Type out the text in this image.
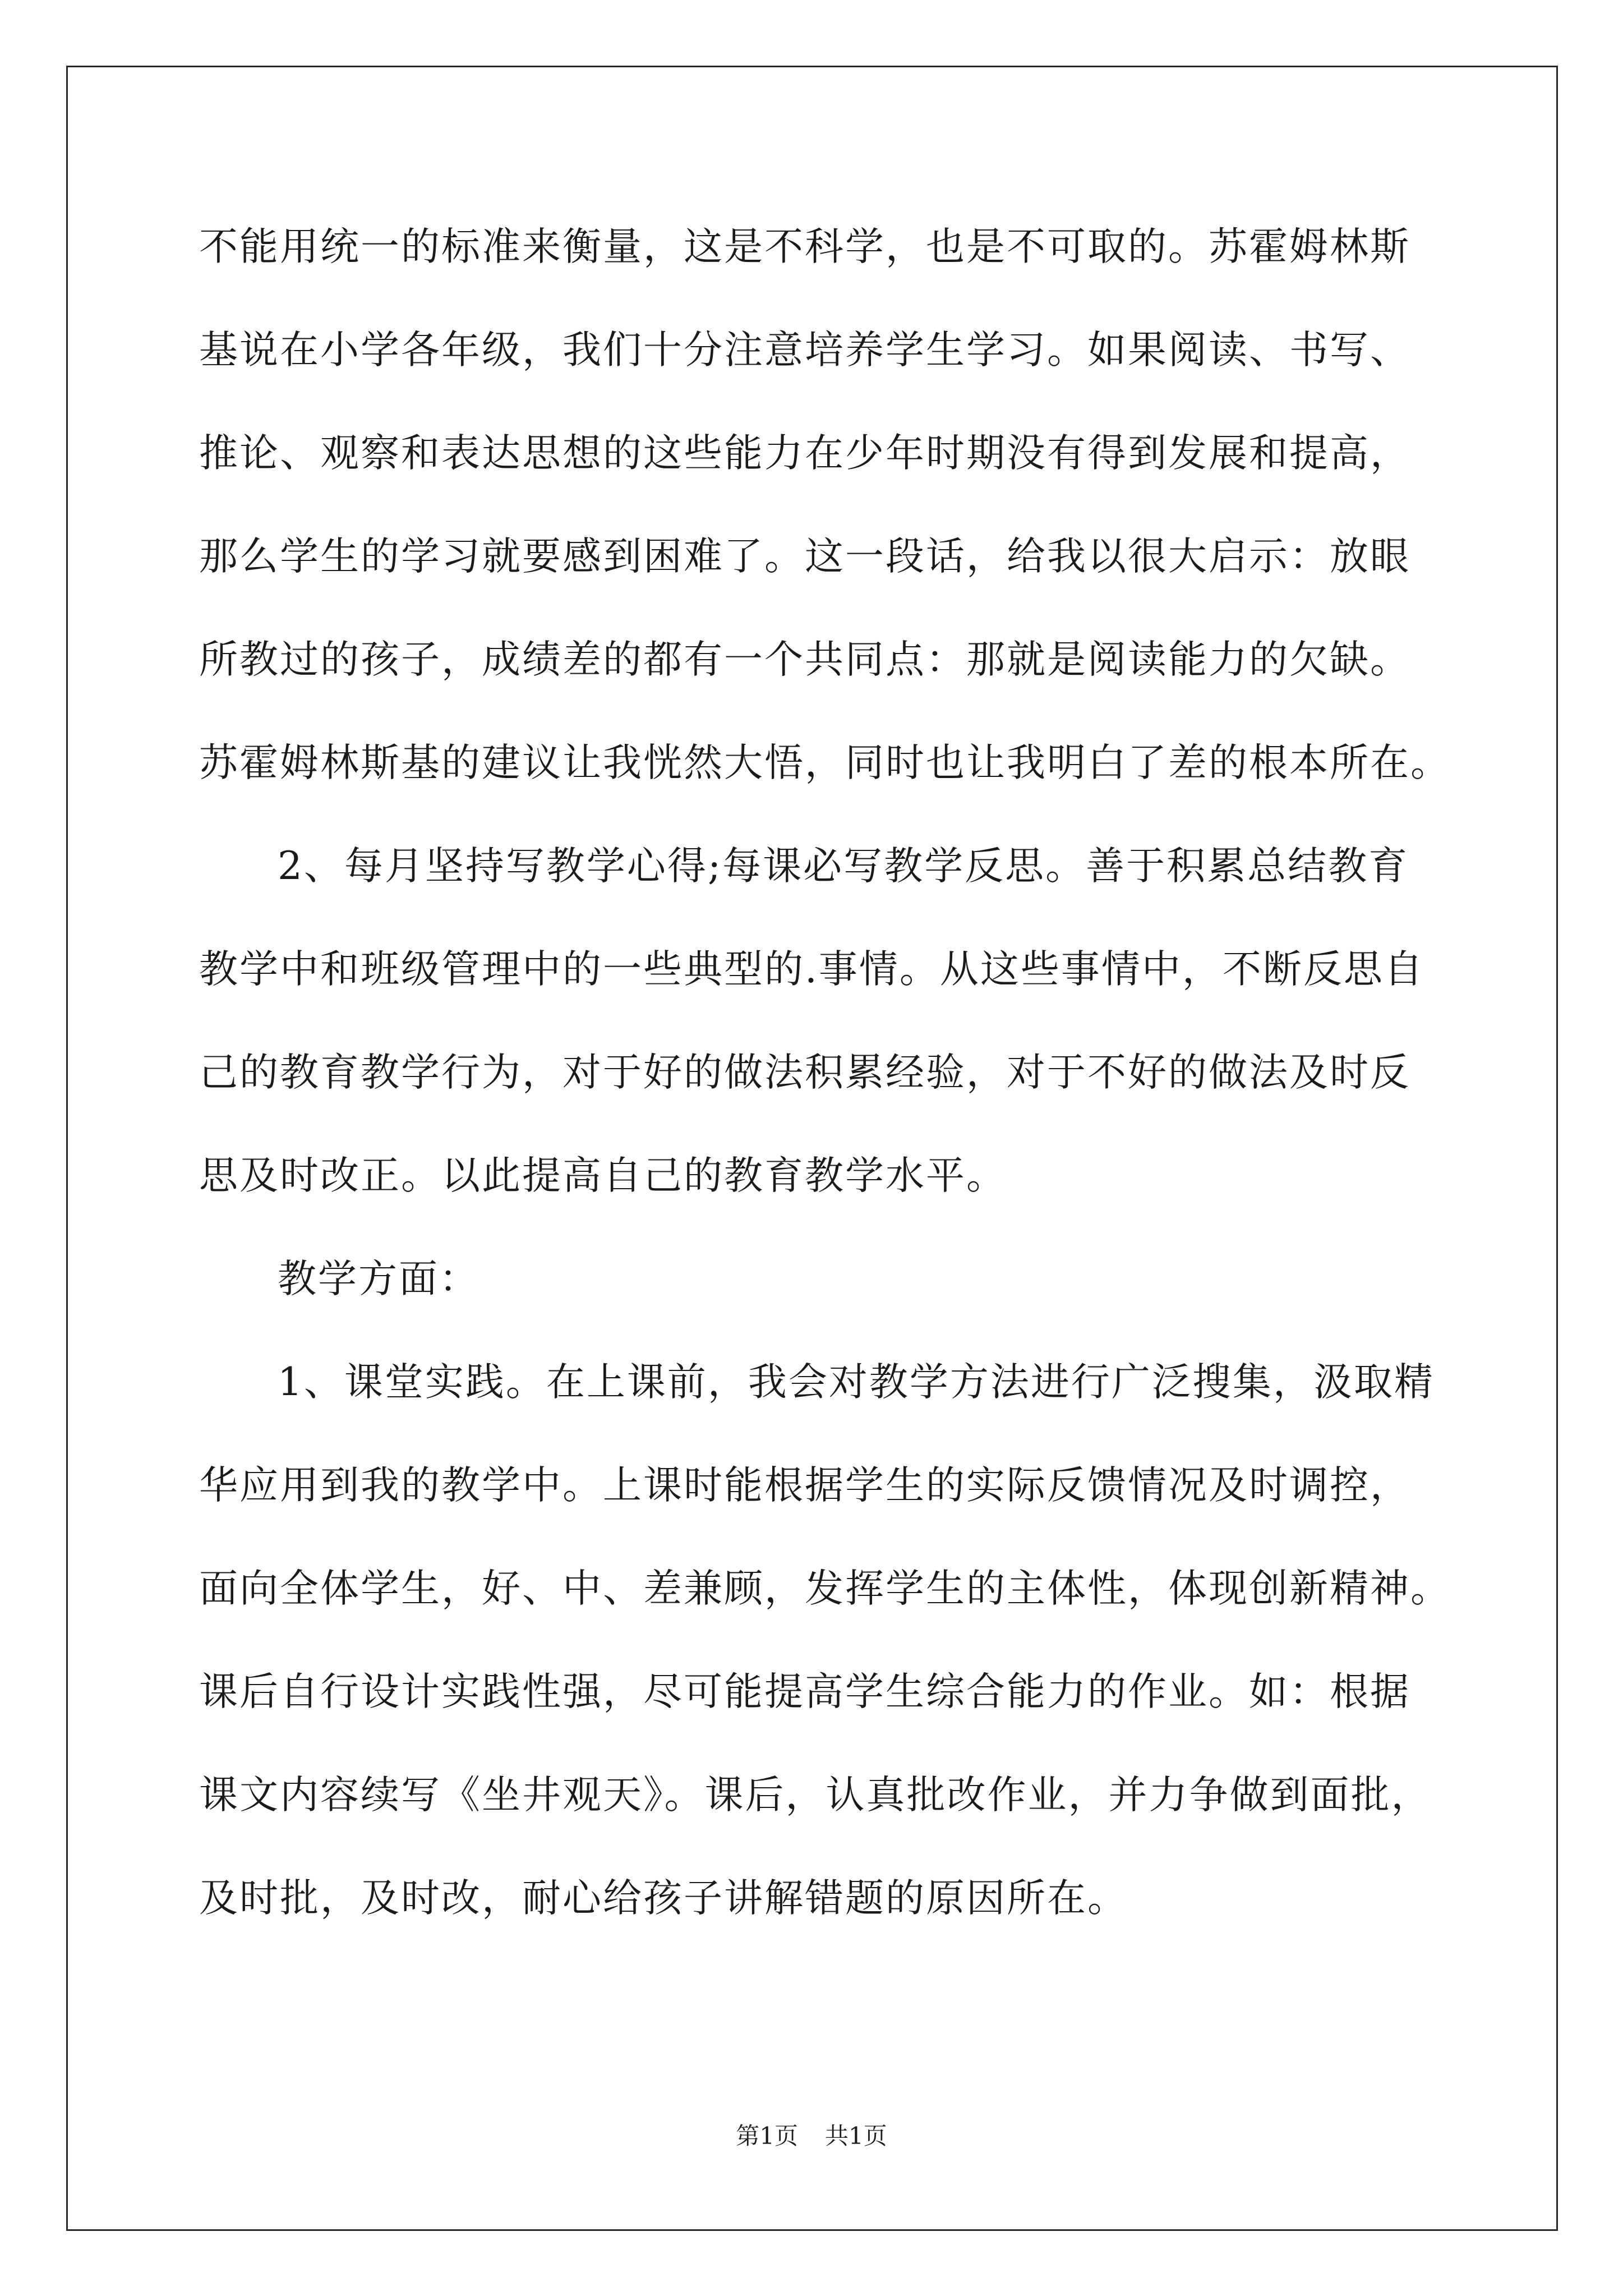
不能用统一的标准来衡量，这是不科学，也是不可取的。苏霍姆林斯
基说在小学各年级，我们十分注意培养学生学习。如果阅读、书写、
推论、观察和表达思想的这些能力在少年时期没有得到发展和提高，
那么学生的学习就要感到困难了。这一段话，给我以很大启示：放眼
所教过的孩子，成绩差的都有一个共同点：那就是阅读能力的欠缺。
苏霍姆林斯基的建议让我恍然大悟，同时也让我明白了差的根本所在。
2、每月坚持写教学心得;每课必写教学反思。善于积累总结教育
教学中和班级管理中的一些典型的.事情。从这些事情中，不断反思自
己的教育教学行为，对于好的做法积累经验，对于不好的做法及时反
思及时改正。以此提高自己的教育教学水平。
教学方面：
1、课堂实践。在上课前，我会对教学方法进行广泛搜集，汲取精
华应用到我的教学中。上课时能根据学生的实际反馈情况及时调控，
面向全体学生，好、中、差兼顾，发挥学生的主体性，体现创新精神。
课后自行设计实践性强，尽可能提高学生综合能力的作业。如：根据
课文内容续写《坐井观天》。课后，认真批改作业，并力争做到面批，
及时批，及时改，耐心给孩子讲解错题的原因所在。
第1页 共1页
